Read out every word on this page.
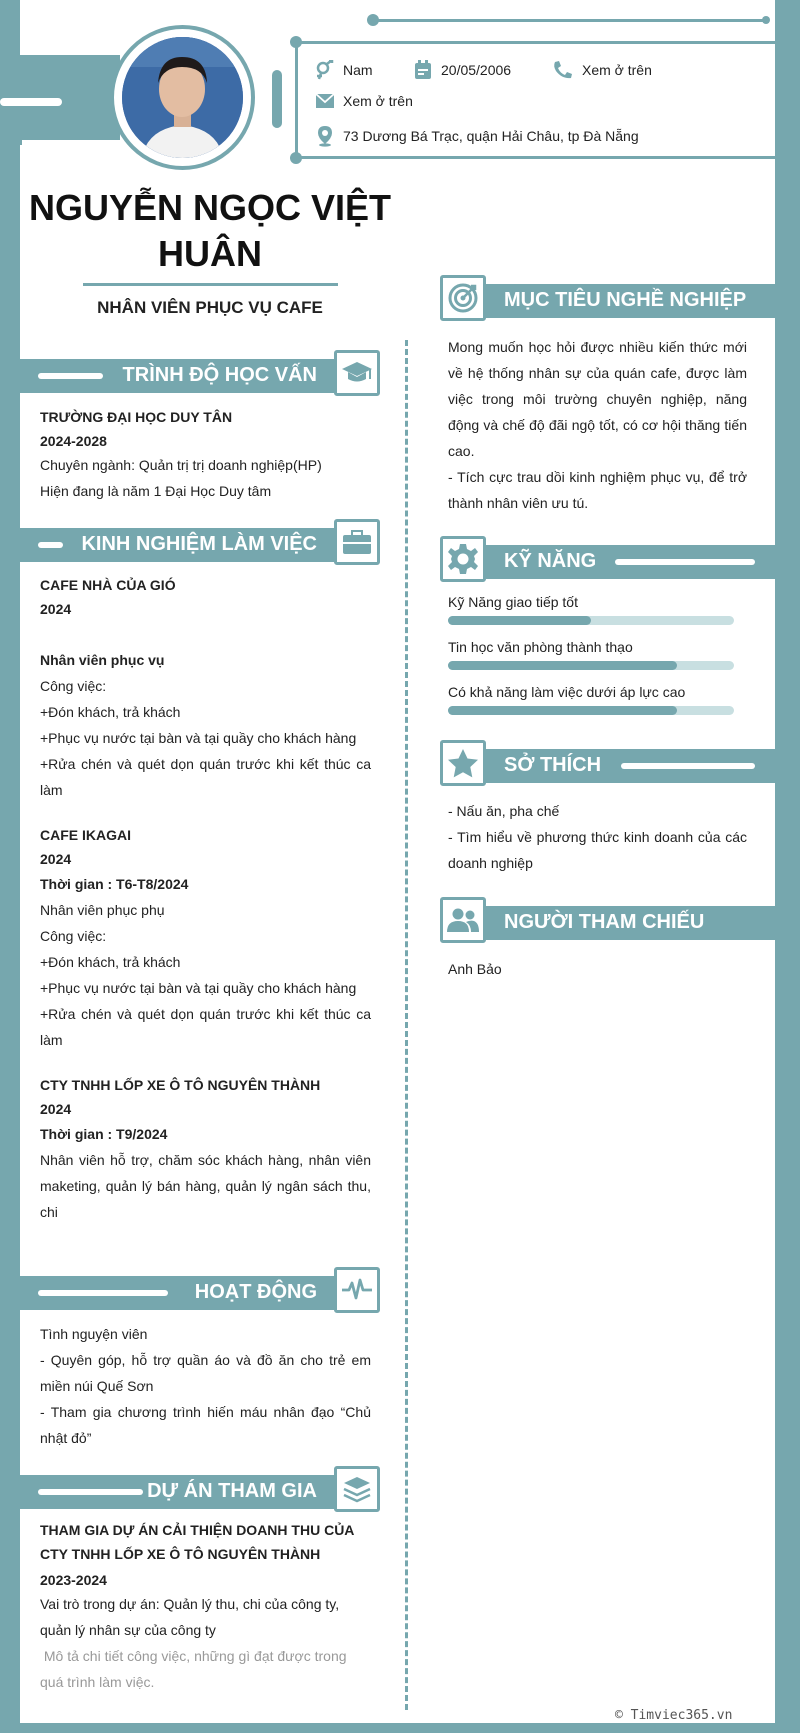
Nam	20/05/2006	Xem ở trên
Xem ở trên
73 Dương Bá Trạc, quận Hải Châu, tp Đà Nẵng
NGUYỄN NGỌC VIỆT HUÂN
NHÂN VIÊN PHỤC VỤ CAFE
TRÌNH ĐỘ HỌC VẤN
TRƯỜNG ĐẠI HỌC DUY TÂN
2024-2028
Chuyên ngành: Quản trị trị doanh nghiệp(HP)
Hiện đang là năm 1 Đại Học Duy tâm
KINH NGHIỆM LÀM VIỆC
CAFE NHÀ CỦA GIÓ
2024
Nhân viên phục vụ
Công việc:
+Đón khách, trả khách
+Phục vụ nước tại bàn và tại quầy cho khách hàng
+Rửa chén và quét dọn quán trước khi kết thúc ca làm
CAFE IKAGAI
2024
Thời gian : T6-T8/2024
Nhân viên phục phụ
Công việc:
+Đón khách, trả khách
+Phục vụ nước tại bàn và tại quầy cho khách hàng
+Rửa chén và quét dọn quán trước khi kết thúc ca làm
CTY TNHH LỐP XE Ô TÔ NGUYÊN THÀNH
2024
Thời gian : T9/2024
Nhân viên hỗ trợ, chăm sóc khách hàng, nhân viên maketing, quản lý bán hàng, quản lý ngân sách thu, chi
HOẠT ĐỘNG
Tình nguyện viên
- Quyên góp, hỗ trợ quần áo và đồ ăn cho trẻ em miền núi Quế Sơn
- Tham gia chương trình hiến máu nhân đạo “Chủ nhật đỏ”
DỰ ÁN THAM GIA
THAM GIA DỰ ÁN CẢI THIỆN DOANH THU CỦA CTY TNHH LỐP XE Ô TÔ NGUYÊN THÀNH
2023-2024
Vai trò trong dự án: Quản lý thu, chi của công ty, quản lý nhân sự của công ty
Mô tả chi tiết công việc, những gì đạt được trong quá trình làm việc.
MỤC TIÊU NGHỀ NGHIỆP
Mong muốn học hỏi được nhiều kiến thức mới về hệ thống nhân sự của quán cafe, được làm việc trong môi trường chuyên nghiệp, năng động và chế độ đãi ngộ tốt, có cơ hội thăng tiến cao.
- Tích cực trau dồi kinh nghiệm phục vụ, để trở thành nhân viên ưu tú.
KỸ NĂNG
Kỹ Năng giao tiếp tốt
Tin học văn phòng thành thạo
Có khả năng làm việc dưới áp lực cao
SỞ THÍCH
- Nấu ăn, pha chế
- Tìm hiểu về phương thức kinh doanh của các doanh nghiệp
NGƯỜI THAM CHIẾU
Anh Bảo
© Timviec365.vn
